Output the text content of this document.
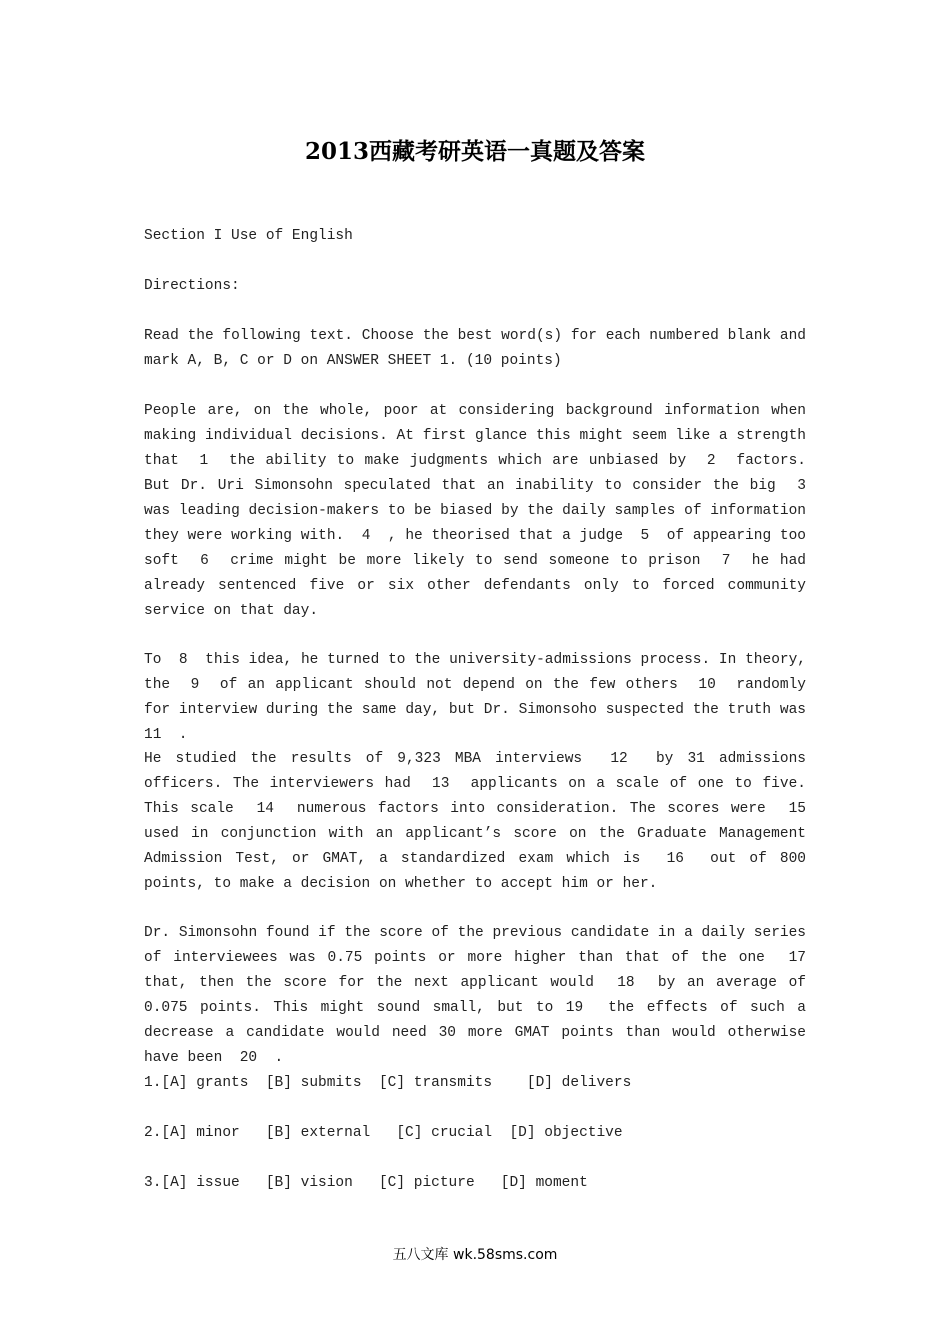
2013西藏考研英语一真题及答案

Section I Use of English

Directions:

Read the following text. Choose the best word(s) for each numbered blank and mark A, B, C or D on ANSWER SHEET 1. (10 points)

People are, on the whole, poor at considering background information when making individual decisions. At first glance this might seem like a strength that  1  the ability to make judgments which are unbiased by  2  factors. But Dr. Uri Simonsohn speculated that an inability to consider the big  3  was leading decision-makers to be biased by the daily samples of information they were working with.  4  , he theorised that a judge  5  of appearing too soft  6  crime might be more likely to send someone to prison  7  he had already sentenced five or six other defendants only to forced community service on that day.

To  8  this idea, he turned to the university-admissions process. In theory, the  9  of an applicant should not depend on the few others  10  randomly for interview during the same day, but Dr. Simonsoho suspected the truth was  11  .

He studied the results of 9,323 MBA interviews  12  by 31 admissions officers. The interviewers had  13  applicants on a scale of one to five. This scale  14  numerous factors into consideration. The scores were  15  used in conjunction with an applicant’s score on the Graduate Management Admission Test, or GMAT, a standardized exam which is  16  out of 800 points, to make a decision on whether to accept him or her.

Dr. Simonsohn found if the score of the previous candidate in a daily series of interviewees was 0.75 points or more higher than that of the one  17  that, then the score for the next applicant would  18  by an average of 0.075 points. This might sound small, but to 19  the effects of such a decrease a candidate would need 30 more GMAT points than would otherwise have been  20  .

1.[A] grants  [B] submits  [C] transmits    [D] delivers

2.[A] minor   [B] external   [C] crucial  [D] objective

3.[A] issue   [B] vision   [C] picture   [D] moment

五八文库 wk.58sms.com
